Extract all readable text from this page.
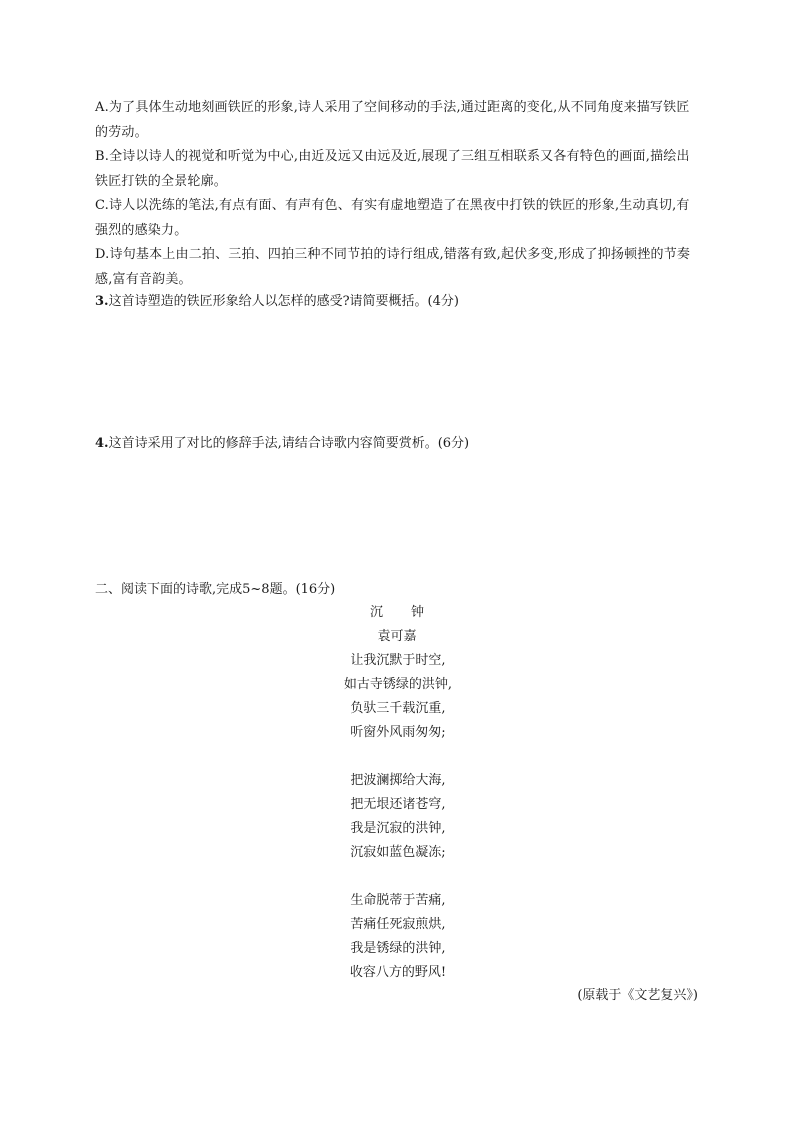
A.为了具体生动地刻画铁匠的形象,诗人采用了空间移动的手法,通过距离的变化,从不同角度来描写铁匠的劳动。

B.全诗以诗人的视觉和听觉为中心,由近及远又由远及近,展现了三组互相联系又各有特色的画面,描绘出铁匠打铁的全景轮廓。

C.诗人以洗练的笔法,有点有面、有声有色、有实有虚地塑造了在黑夜中打铁的铁匠的形象,生动真切,有强烈的感染力。

D.诗句基本上由二拍、三拍、四拍三种不同节拍的诗行组成,错落有致,起伏多变,形成了抑扬顿挫的节奏感,富有音韵美。

3.这首诗塑造的铁匠形象给人以怎样的感受?请简要概括。(4分)

4.这首诗采用了对比的修辞手法,请结合诗歌内容简要赏析。(6分)

二、阅读下面的诗歌,完成5~8题。(16分)

沉钟

袁可嘉

让我沉默于时空,

如古寺锈绿的洪钟,

负驮三千载沉重,

听窗外风雨匆匆;

把波澜掷给大海,

把无垠还诸苍穹,

我是沉寂的洪钟,

沉寂如蓝色凝冻;

生命脱蒂于苦痛,

苦痛任死寂煎烘,

我是锈绿的洪钟,

收容八方的野风!

(原载于《文艺复兴》)
